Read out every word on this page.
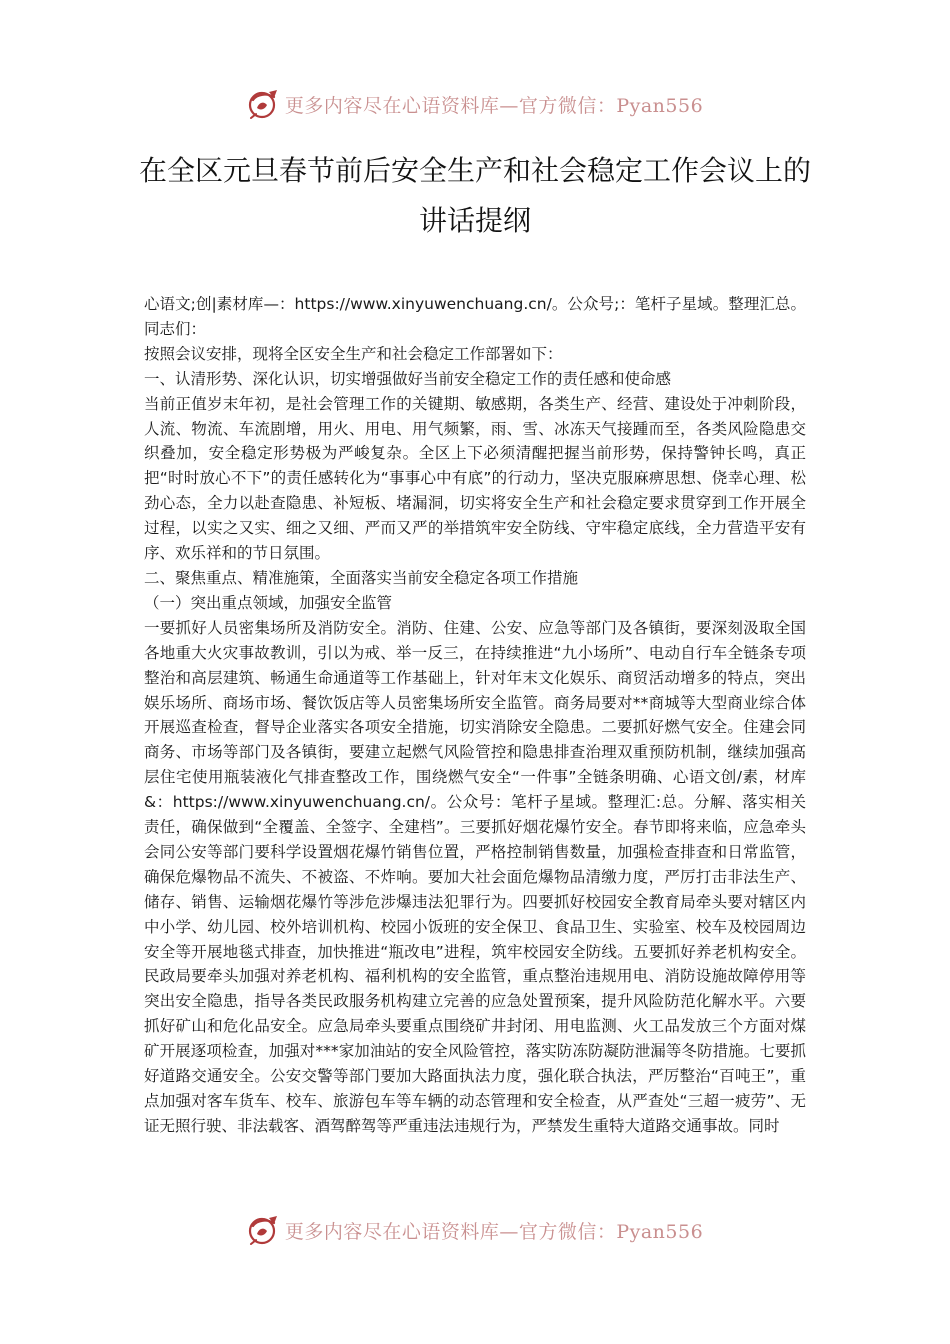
更多内容尽在心语资料库—官方微信：Pyan556
在全区元旦春节前后安全生产和社会稳定工作会议上的讲话提纲

心语文;创|素材库—：https://www.xinyuwenchuang.cn/。公众号;：笔杆子星域。整理汇总。同志们：

按照会议安排，现将全区安全生产和社会稳定工作部署如下：

一、认清形势、深化认识，切实增强做好当前安全稳定工作的责任感和使命感

当前正值岁末年初，是社会管理工作的关键期、敏感期，各类生产、经营、建设处于冲刺阶段，人流、物流、车流剧增，用火、用电、用气频繁，雨、雪、冰冻天气接踵而至，各类风险隐患交织叠加，安全稳定形势极为严峻复杂。全区上下必须清醒把握当前形势，保持警钟长鸣，真正把“时时放心不下”的责任感转化为“事事心中有底”的行动力，坚决克服麻痹思想、侥幸心理、松劲心态，全力以赴查隐患、补短板、堵漏洞，切实将安全生产和社会稳定要求贯穿到工作开展全过程，以实之又实、细之又细、严而又严的举措筑牢安全防线、守牢稳定底线，全力营造平安有序、欢乐祥和的节日氛围。

二、聚焦重点、精准施策，全面落实当前安全稳定各项工作措施

（一）突出重点领域，加强安全监管

一要抓好人员密集场所及消防安全。消防、住建、公安、应急等部门及各镇街，要深刻汲取全国各地重大火灾事故教训，引以为戒、举一反三，在持续推进“九小场所”、电动自行车全链条专项整治和高层建筑、畅通生命通道等工作基础上，针对年末文化娱乐、商贸活动增多的特点，突出娱乐场所、商场市场、餐饮饭店等人员密集场所安全监管。商务局要对**商城等大型商业综合体开展巡查检查，督导企业落实各项安全措施，切实消除安全隐患。二要抓好燃气安全。住建会同商务、市场等部门及各镇街，要建立起燃气风险管控和隐患排查治理双重预防机制，继续加强高层住宅使用瓶装液化气排查整改工作，围绕燃气安全“一件事”全链条明确、心语文创/素，材库&：https://www.xinyuwenchuang.cn/。公众号：笔杆子星域。整理汇:总。分解、落实相关责任，确保做到“全覆盖、全签字、全建档”。三要抓好烟花爆竹安全。春节即将来临，应急牵头会同公安等部门要科学设置烟花爆竹销售位置，严格控制销售数量，加强检查排查和日常监管，确保危爆物品不流失、不被盗、不炸响。要加大社会面危爆物品清缴力度，严厉打击非法生产、储存、销售、运输烟花爆竹等涉危涉爆违法犯罪行为。四要抓好校园安全教育局牵头要对辖区内中小学、幼儿园、校外培训机构、校园小饭班的安全保卫、食品卫生、实验室、校车及校园周边安全等开展地毯式排查，加快推进“瓶改电”进程，筑牢校园安全防线。五要抓好养老机构安全。民政局要牵头加强对养老机构、福利机构的安全监管，重点整治违规用电、消防设施故障停用等突出安全隐患，指导各类民政服务机构建立完善的应急处置预案，提升风险防范化解水平。六要抓好矿山和危化品安全。应急局牵头要重点围绕矿井封闭、用电监测、火工品发放三个方面对煤矿开展逐项检查，加强对***家加油站的安全风险管控，落实防冻防凝防泄漏等冬防措施。七要抓好道路交通安全。公安交警等部门要加大路面执法力度，强化联合执法，严厉整治“百吨王”，重点加强对客车货车、校车、旅游包车等车辆的动态管理和安全检查，从严查处“三超一疲劳”、无证无照行驶、非法载客、酒驾醉驾等严重违法违规行为，严禁发生重特大道路交通事故。同时

更多内容尽在心语资料库—官方微信：Pyan556
